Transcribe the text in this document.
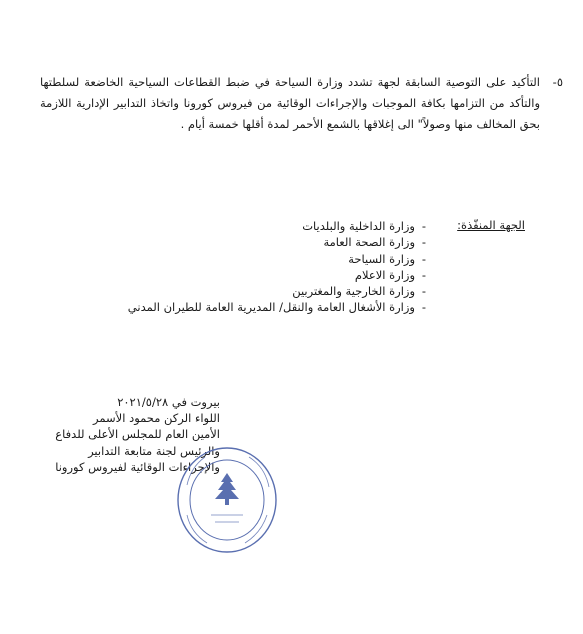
٥-
التأكيد على التوصية السابقة لجهة تشدد وزارة السياحة في ضبط القطاعات السياحية الخاضعة لسلطتها والتأكد من التزامها بكافة الموجبات والإجراءات الوقائية من فيروس كورونا واتخاذ التدابير الإدارية اللازمة بحق المخالف منها وصولاً" الى إغلاقها بالشمع الأحمر لمدة أقلها خمسة أيام .
الجهة المنفّذة:
-
وزارة الداخلية والبلديات
-
وزارة الصحة العامة
-
وزارة السياحة
-
وزارة الاعلام
-
وزارة الخارجية والمغتربين
-
وزارة الأشغال العامة والنقل/ المديرية العامة للطيران المدني
بيروت في ٢٠٢١/٥/٢٨
اللواء الركن محمود الأسمر
الأمين العام للمجلس الأعلى للدفاع
والرئيس لجنة متابعة التدابير
والإجراءات الوقائية لفيروس كورونا
